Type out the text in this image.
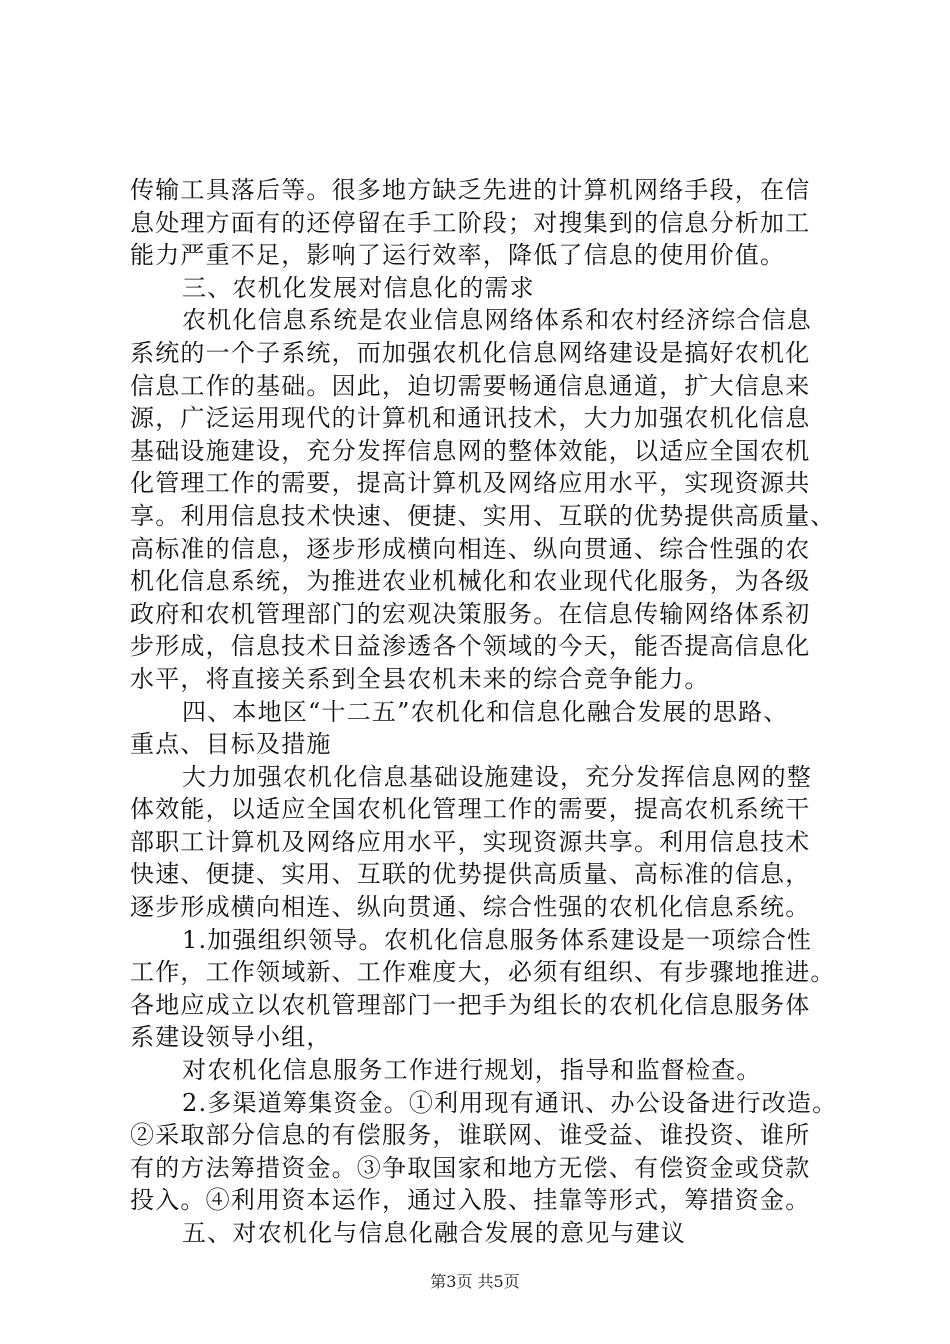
传输工具落后等。很多地方缺乏先进的计算机网络手段，在信
息处理方面有的还停留在手工阶段；对搜集到的信息分析加工
能力严重不足，影响了运行效率，降低了信息的使用价值。
三、农机化发展对信息化的需求
农机化信息系统是农业信息网络体系和农村经济综合信息
系统的一个子系统，而加强农机化信息网络建设是搞好农机化
信息工作的基础。因此，迫切需要畅通信息通道，扩大信息来
源，广泛运用现代的计算机和通讯技术，大力加强农机化信息
基础设施建设，充分发挥信息网的整体效能，以适应全国农机
化管理工作的需要，提高计算机及网络应用水平，实现资源共
享。利用信息技术快速、便捷、实用、互联的优势提供高质量、
高标准的信息，逐步形成横向相连、纵向贯通、综合性强的农
机化信息系统，为推进农业机械化和农业现代化服务，为各级
政府和农机管理部门的宏观决策服务。在信息传输网络体系初
步形成，信息技术日益渗透各个领域的今天，能否提高信息化
水平，将直接关系到全县农机未来的综合竞争能力。
四、本地区“十二五”农机化和信息化融合发展的思路、
重点、目标及措施
大力加强农机化信息基础设施建设，充分发挥信息网的整
体效能，以适应全国农机化管理工作的需要，提高农机系统干
部职工计算机及网络应用水平，实现资源共享。利用信息技术
快速、便捷、实用、互联的优势提供高质量、高标准的信息，
逐步形成横向相连、纵向贯通、综合性强的农机化信息系统。
1.加强组织领导。农机化信息服务体系建设是一项综合性
工作，工作领域新、工作难度大，必须有组织、有步骤地推进。
各地应成立以农机管理部门一把手为组长的农机化信息服务体
系建设领导小组，
对农机化信息服务工作进行规划，指导和监督检查。
2.多渠道筹集资金。①利用现有通讯、办公设备进行改造。
②采取部分信息的有偿服务，谁联网、谁受益、谁投资、谁所
有的方法筹措资金。③争取国家和地方无偿、有偿资金或贷款
投入。④利用资本运作，通过入股、挂靠等形式，筹措资金。
五、对农机化与信息化融合发展的意见与建议
第3页 共5页
